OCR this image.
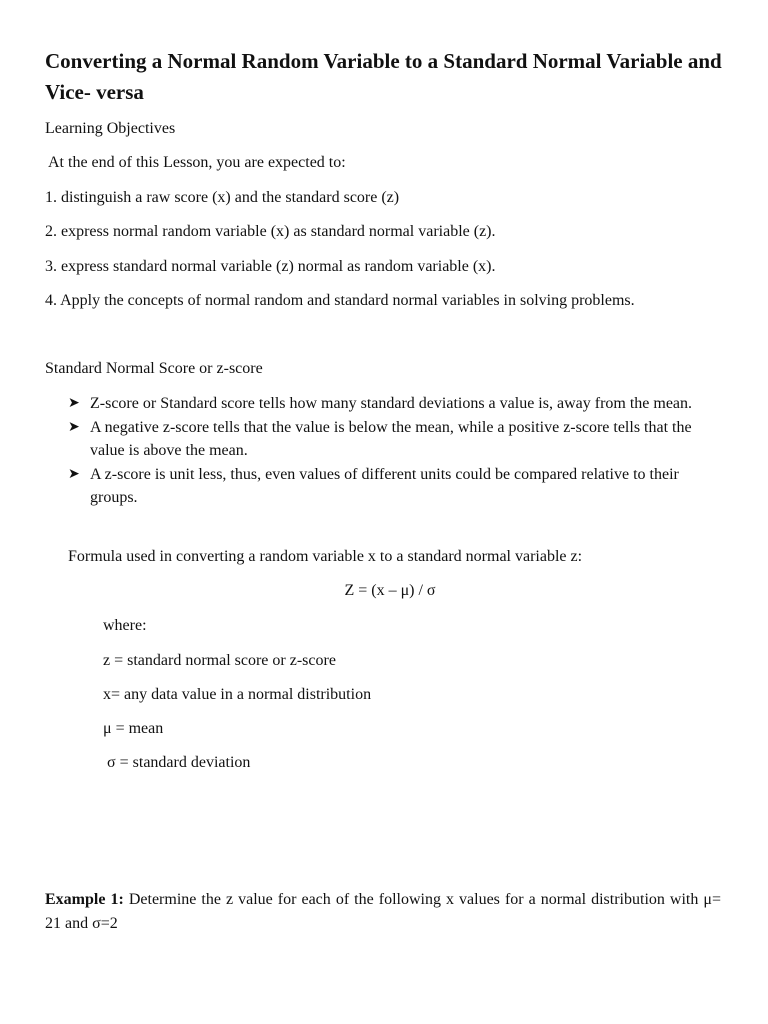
Converting a Normal Random Variable to a Standard Normal Variable and Vice- versa

Learning Objectives

At the end of this Lesson, you are expected to:

1. distinguish a raw score (x) and the standard score (z)

2. express normal random variable (x) as standard normal variable (z).

3. express standard normal variable (z) normal as random variable (x).

4. Apply the concepts of normal random and standard normal variables in solving problems.

Standard Normal Score or z-score

➤ Z-score or Standard score tells how many standard deviations a value is, away from the mean.
➤ A negative z-score tells that the value is below the mean, while a positive z-score tells that the value is above the mean.
➤ A z-score is unit less, thus, even values of different units could be compared relative to their groups.

Formula used in converting a random variable x to a standard normal variable z:

Z = (x – μ) / σ

where:

z = standard normal score or z-score

x= any data value in a normal distribution

μ = mean

σ = standard deviation

Example 1: Determine the z value for each of the following x values for a normal distribution with μ= 21 and σ=2
